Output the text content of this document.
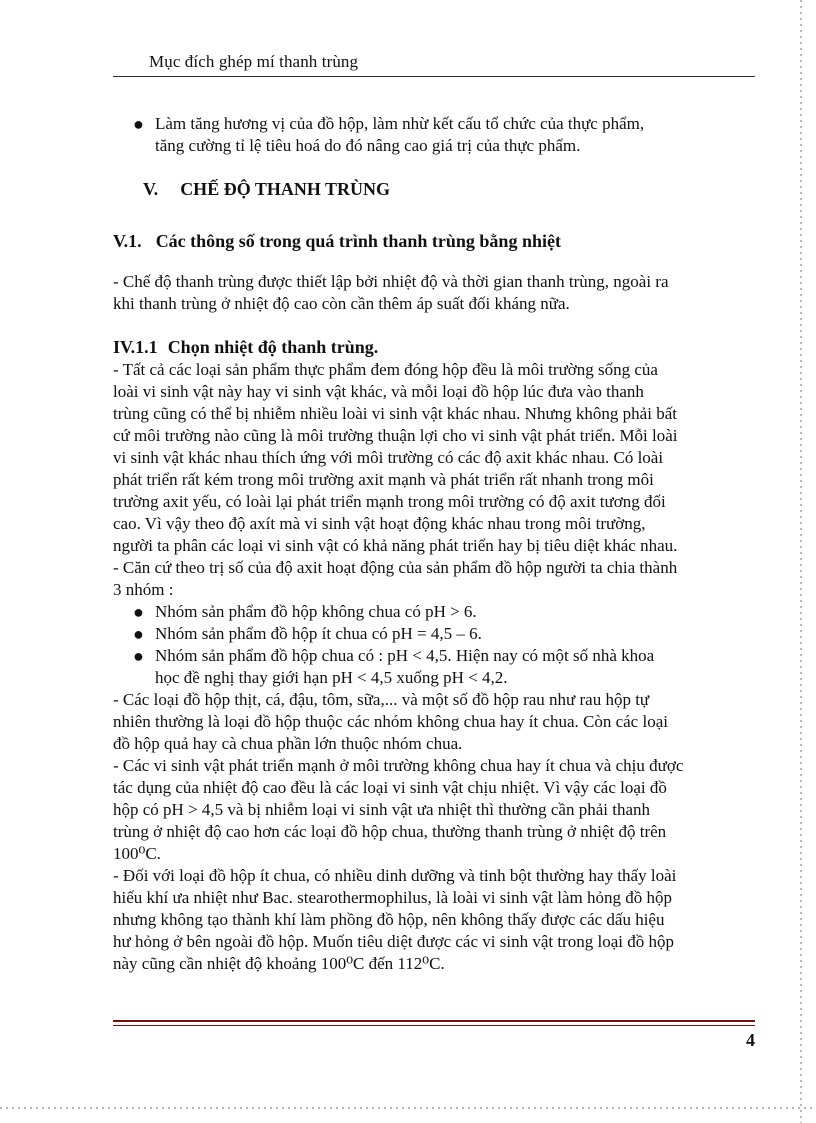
Mục đích ghép mí thanh trùng
● Làm tăng hương vị của đồ hộp, làm nhừ kết cấu tổ chức của thực phẩm,

tăng cường tỉ lệ tiêu hoá do đó nâng cao giá trị của thực phẩm.

V. CHẾ ĐỘ THANH TRÙNG
V.1. Các thông số trong quá trình thanh trùng bằng nhiệt

- Chế độ thanh trùng được thiết lập bởi nhiệt độ và thời gian thanh trùng, ngoài ra

khi thanh trùng ở nhiệt độ cao còn cần thêm áp suất đối kháng nữa.

IV.1.1 Chọn nhiệt độ thanh trùng.

- Tất cả các loại sản phẩm thực phẩm đem đóng hộp đều là môi trường sống của

loài vi sinh vật này hay vi sinh vật khác, và mỗi loại đồ hộp lúc đưa vào thanh

trùng cũng có thể bị nhiễm nhiều loài vi sinh vật khác nhau. Nhưng không phải bất

cứ môi trường nào cũng là môi trường thuận lợi cho vi sinh vật phát triển. Mỗi loài

vi sinh vật khác nhau thích ứng với môi trường có các độ axit khác nhau. Có loài

phát triển rất kém trong môi trường axit mạnh và phát triển rất nhanh trong môi

trường axit yếu, có loài lại phát triển mạnh trong môi trường có độ axit tương đối

cao. Vì vậy theo độ axít mà vi sinh vật hoạt động khác nhau trong môi trường,

người ta phân các loại vi sinh vật có khả năng phát triển hay bị tiêu diệt khác nhau.

- Căn cứ theo trị số của độ axit hoạt động của sản phẩm đồ hộp người ta chia thành

3 nhóm :

● Nhóm sản phẩm đồ hộp không chua có pH > 6.

● Nhóm sản phẩm đồ hộp ít chua có pH = 4,5 – 6.

● Nhóm sản phẩm đồ hộp chua có : pH < 4,5. Hiện nay có một số nhà khoa

học đề nghị thay giới hạn pH < 4,5 xuống pH < 4,2.

- Các loại đồ hộp thịt, cá, đậu, tôm, sữa,... và một số đồ hộp rau như rau hộp tự

nhiên thường là loại đồ hộp thuộc các nhóm không chua hay ít chua. Còn các loại

đồ hộp quả hay cà chua phần lớn thuộc nhóm chua.

- Các vi sinh vật phát triển mạnh ở môi trường không chua hay ít chua và chịu được

tác dụng của nhiệt độ cao đều là các loại vi sinh vật chịu nhiệt. Vì vậy các loại đồ

hộp có pH > 4,5 và bị nhiễm loại vi sinh vật ưa nhiệt thì thường cần phải thanh

trùng ở nhiệt độ cao hơn các loại đồ hộp chua, thường thanh trùng ở nhiệt độ trên

100⁰C.

- Đối với loại đồ hộp ít chua, có nhiều dinh dưỡng và tinh bột thường hay thấy loài

hiếu khí ưa nhiệt như Bac. stearothermophilus, là loài vi sinh vật làm hỏng đồ hộp

nhưng không tạo thành khí làm phồng đồ hộp, nên không thấy được các dấu hiệu

hư hỏng ở bên ngoài đồ hộp. Muốn tiêu diệt được các vi sinh vật trong loại đồ hộp

này cũng cần nhiệt độ khoảng 100⁰C đến 112⁰C.

4
